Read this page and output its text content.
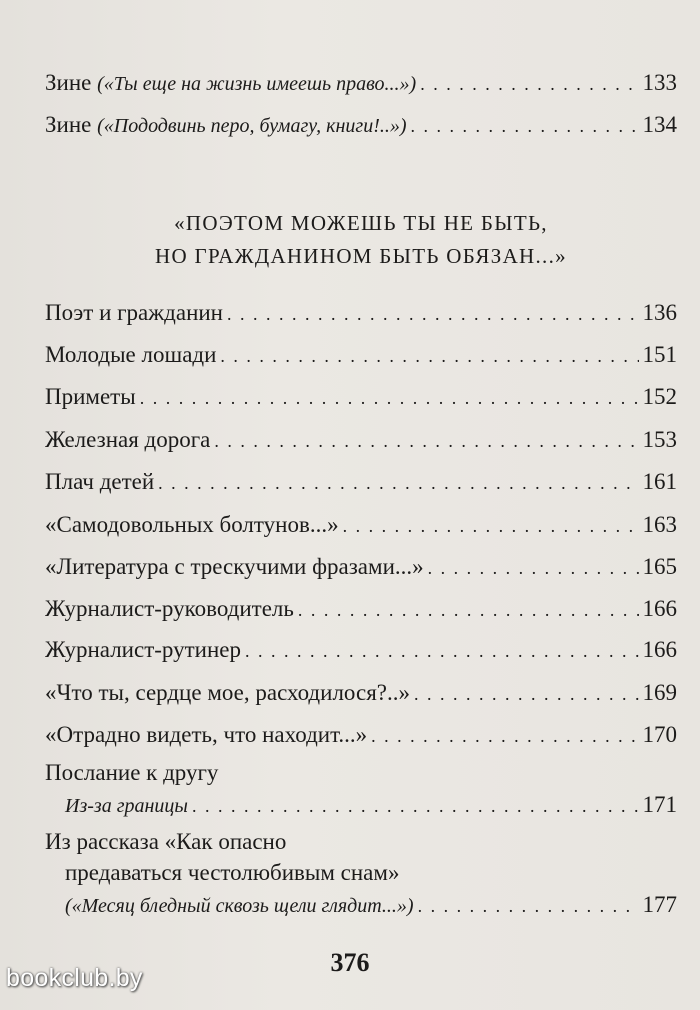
Зине («Ты еще на жизнь имеешь право...») . . .	133
Зине («Пододвинь перо, бумагу, книги!..») . . .	134
«ПОЭТОМ МОЖЕШЬ ТЫ НЕ БЫТЬ,
НО ГРАЖДАНИНОМ БЫТЬ ОБЯЗАН...»
Поэт и гражданин . . .	136
Молодые лошади . . .	151
Приметы . . .	152
Железная дорога . . .	153
Плач детей . . .	161
«Самодовольных болтунов...» . . .	163
«Литература с трескучими фразами...» . . .	165
Журналист-руководитель . . .	166
Журналист-рутинер . . .	166
«Что ты, сердце мое, расходилося?..» . . .	169
«Отрадно видеть, что находит...» . . .	170
Послание к другу
Из-за границы . . .	171
Из рассказа «Как опасно
предаваться честолюбивым снам»
(«Месяц бледный сквозь щели глядит...») . . .	177
376
bookclub.by
